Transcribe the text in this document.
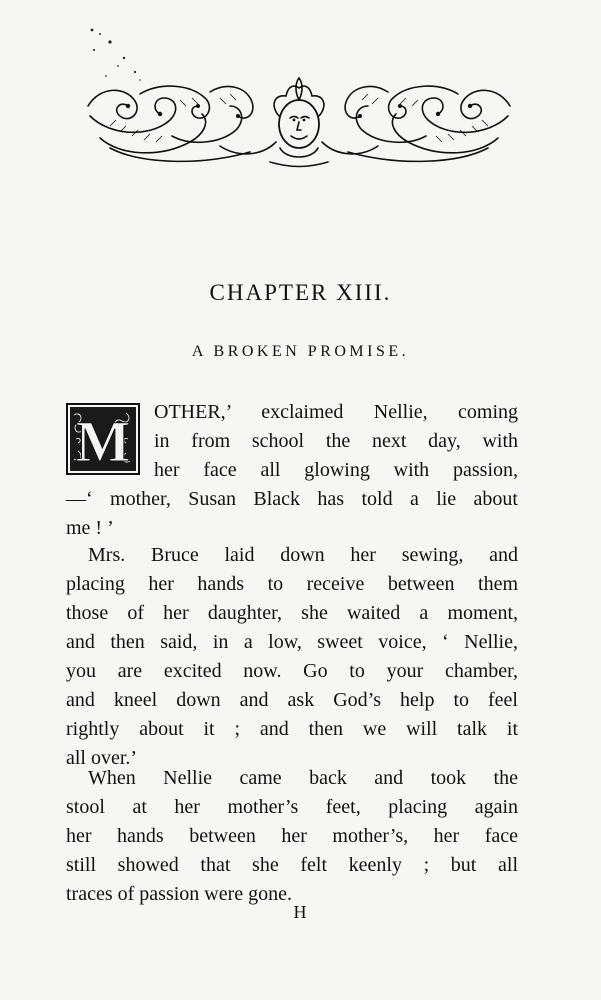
CHAPTER XIII.
A BROKEN PROMISE.
M OTHER,’ exclaimed Nellie, coming
in from school the next day, with
her face all glowing with passion,
—‘ mother, Susan Black has told a lie about
me ! ’
Mrs. Bruce laid down her sewing, and
placing her hands to receive between them
those of her daughter, she waited a moment,
and then said, in a low, sweet voice, ‘ Nellie,
you are excited now. Go to your chamber,
and kneel down and ask God’s help to feel
rightly about it ; and then we will talk it
all over.’
When Nellie came back and took the
stool at her mother’s feet, placing again
her hands between her mother’s, her face
still showed that she felt keenly ; but all
traces of passion were gone.
H
